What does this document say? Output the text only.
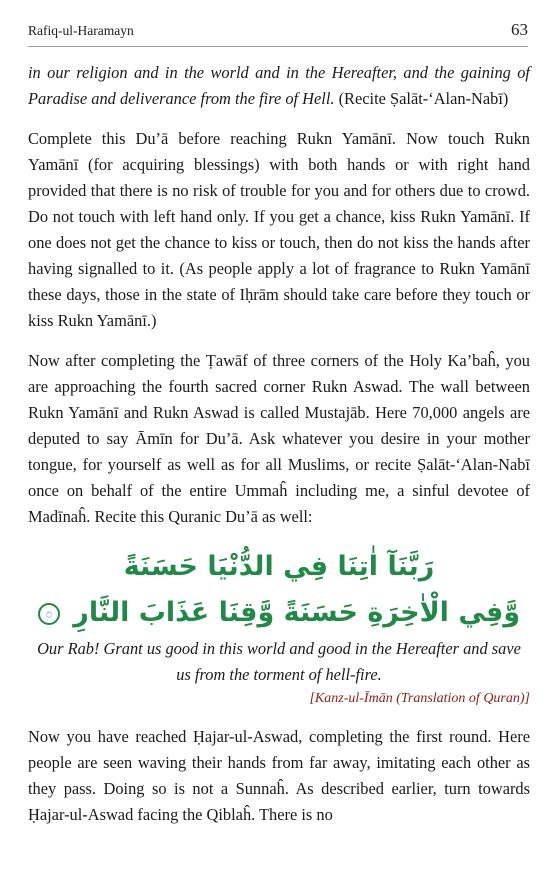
Rafiq-ul-Haramayn	63

in our religion and in the world and in the Hereafter, and the gaining of Paradise and deliverance from the fire of Hell. (Recite Ṣalāt-‘Alan-Nabī)

Complete this Du’ā before reaching Rukn Yamānī. Now touch Rukn Yamānī (for acquiring blessings) with both hands or with right hand provided that there is no risk of trouble for you and for others due to crowd. Do not touch with left hand only. If you get a chance, kiss Rukn Yamānī. If one does not get the chance to kiss or touch, then do not kiss the hands after having signalled to it. (As people apply a lot of fragrance to Rukn Yamānī these days, those in the state of Iḥrām should take care before they touch or kiss Rukn Yamānī.)

Now after completing the Ṭawāf of three corners of the Holy Ka’baĥ, you are approaching the fourth sacred corner Rukn Aswad. The wall between Rukn Yamānī and Rukn Aswad is called Mustajāb. Here 70,000 angels are deputed to say Āmīn for Du’ā. Ask whatever you desire in your mother tongue, for yourself as well as for all Muslims, or recite Ṣalāt-‘Alan-Nabī once on behalf of the entire Ummaĥ including me, a sinful devotee of Madīnaĥ. Recite this Quranic Du’ā as well:

رَبَّنَآ اٰتِنَا فِي الدُّنْيَا حَسَنَةً
وَّفِي الْاٰخِرَةِ حَسَنَةً وَّقِنَا عَذَابَ النَّارِ ۝

Our Rab! Grant us good in this world and good in the Hereafter and save us from the torment of hell-fire.

[Kanz-ul-Īmān (Translation of Quran)]

Now you have reached Ḥajar-ul-Aswad, completing the first round. Here people are seen waving their hands from far away, imitating each other as they pass. Doing so is not a Sunnaĥ. As described earlier, turn towards Ḥajar-ul-Aswad facing the Qiblaĥ. There is no
